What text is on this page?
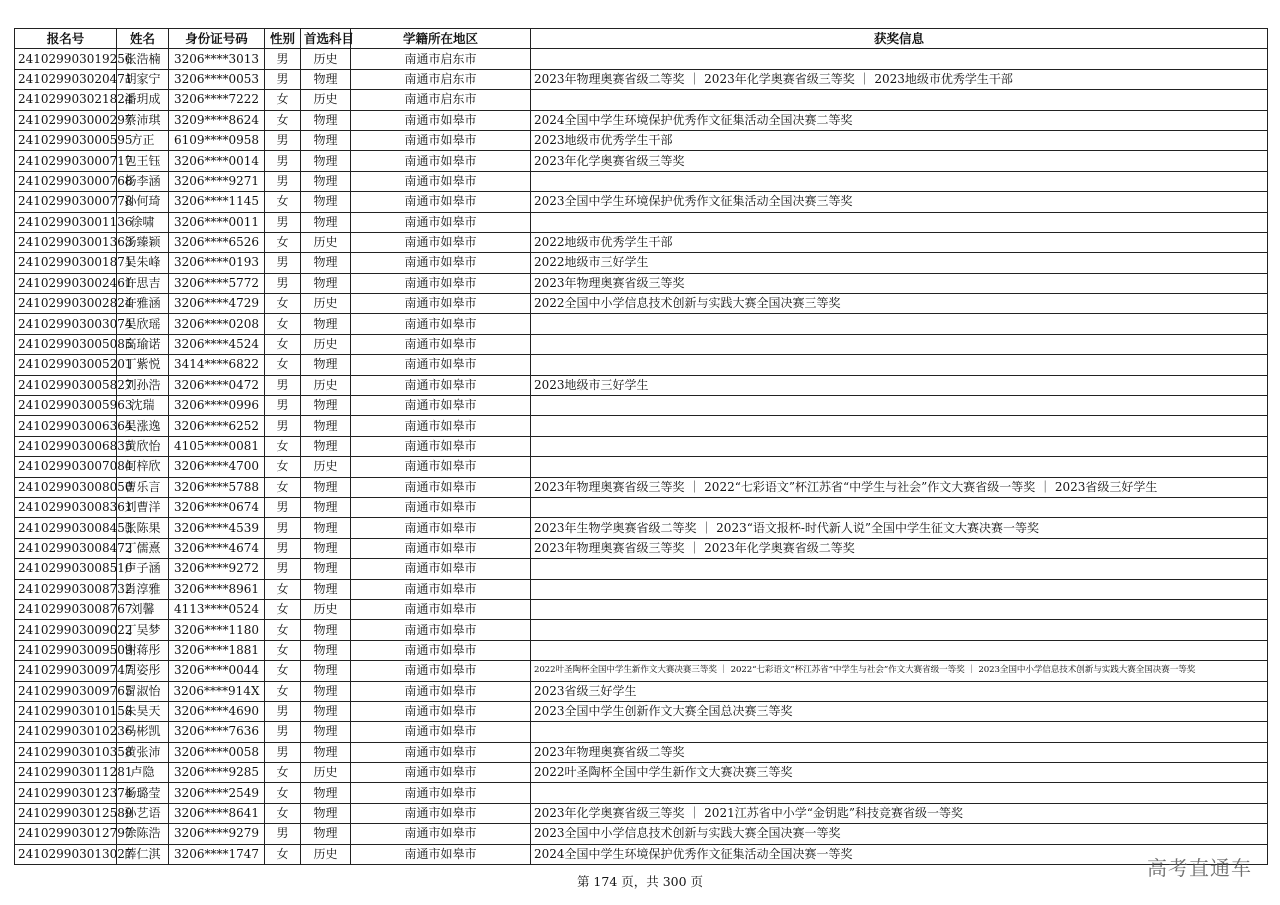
报名号	姓名	身份证号码	性别	首选科目	学籍所在地区	获奖信息
241029903019256	张浩楠	3206****3013	男	历史	南通市启东市	
241029903020471	胡家宁	3206****0053	男	物理	南通市启东市	2023年物理奥赛省级二等奖 ｜ 2023年化学奥赛省级三等奖 ｜ 2023地级市优秀学生干部
241029903021824	潘玥成	3206****7222	女	历史	南通市启东市	
241029903000297	蔡沛琪	3209****8624	女	物理	南通市如皋市	2024全国中学生环境保护优秀作文征集活动全国决赛二等奖
241029903000595	方正	6109****0958	男	物理	南通市如皋市	2023地级市优秀学生干部
241029903000717	包王钰	3206****0014	男	物理	南通市如皋市	2023年化学奥赛省级三等奖
241029903000768	杨李涵	3206****9271	男	物理	南通市如皋市	
241029903000778	孙何琦	3206****1145	女	物理	南通市如皋市	2023全国中学生环境保护优秀作文征集活动全国决赛三等奖
241029903001136	徐啸	3206****0011	男	物理	南通市如皋市	
241029903001363	汤臻颖	3206****6526	女	历史	南通市如皋市	2022地级市优秀学生干部
241029903001871	吴朱峰	3206****0193	男	物理	南通市如皋市	2022地级市三好学生
241029903002461	许思吉	3206****5772	男	物理	南通市如皋市	2023年物理奥赛省级三等奖
241029903002824	许雅涵	3206****4729	女	历史	南通市如皋市	2022全国中小学信息技术创新与实践大赛全国决赛三等奖
241029903003074	吴欣瑶	3206****0208	女	物理	南通市如皋市	
241029903005085	高瑜诺	3206****4524	女	历史	南通市如皋市	
241029903005201	丁紫悦	3414****6822	女	物理	南通市如皋市	
241029903005827	刘孙浩	3206****0472	男	历史	南通市如皋市	2023地级市三好学生
241029903005963	沈瑞	3206****0996	男	物理	南通市如皋市	
241029903006364	吴涨逸	3206****6252	男	物理	南通市如皋市	
241029903006835	黄欣怡	4105****0081	女	物理	南通市如皋市	
241029903007084	何梓欣	3206****4700	女	历史	南通市如皋市	
241029903008050	曹乐言	3206****5788	女	物理	南通市如皋市	2023年物理奥赛省级三等奖 ｜ 2022“七彩语文”杯江苏省“中学生与社会”作文大赛省级一等奖 ｜ 2023省级三好学生
241029903008361	刘曹洋	3206****0674	男	物理	南通市如皋市	
241029903008453	张陈果	3206****4539	男	物理	南通市如皋市	2023年生物学奥赛省级二等奖 ｜ 2023“语文报杯-时代新人说”全国中学生征文大赛决赛一等奖
241029903008472	丁儒熹	3206****4674	男	物理	南通市如皋市	2023年物理奥赛省级三等奖 ｜ 2023年化学奥赛省级二等奖
241029903008510	卢子涵	3206****9272	男	物理	南通市如皋市	
241029903008732	肖淳雅	3206****8961	女	物理	南通市如皋市	
241029903008767	刘馨	4113****0524	女	历史	南通市如皋市	
241029903009022	丁吴梦	3206****1180	女	物理	南通市如皋市	
241029903009509	谢蒋彤	3206****1881	女	物理	南通市如皋市	
241029903009747	周姿彤	3206****0044	女	物理	南通市如皋市	2022叶圣陶杯全国中学生新作文大赛决赛三等奖 ｜ 2022“七彩语文”杯江苏省“中学生与社会”作文大赛省级一等奖 ｜ 2023全国中小学信息技术创新与实践大赛全国决赛一等奖
241029903009765	冒淑怡	3206****914X	女	物理	南通市如皋市	2023省级三好学生
241029903010158	朱昊天	3206****4690	男	物理	南通市如皋市	2023全国中学生创新作文大赛全国总决赛三等奖
241029903010236	马彬凯	3206****7636	男	物理	南通市如皋市	
241029903010358	黄张沛	3206****0058	男	物理	南通市如皋市	2023年物理奥赛省级二等奖
241029903011281	卢隐	3206****9285	女	历史	南通市如皋市	2022叶圣陶杯全国中学生新作文大赛决赛三等奖
241029903012374	杨璐莹	3206****2549	女	物理	南通市如皋市	
241029903012589	孙艺语	3206****8641	女	物理	南通市如皋市	2023年化学奥赛省级三等奖 ｜ 2021江苏省中小学“金钥匙”科技竞赛省级一等奖
241029903012797	徐陈浩	3206****9279	男	物理	南通市如皋市	2023全国中小学信息技术创新与实践大赛全国决赛一等奖
241029903013027	薛仁淇	3206****1747	女	历史	南通市如皋市	2024全国中学生环境保护优秀作文征集活动全国决赛一等奖
第 174 页，共 300 页
高考直通车
